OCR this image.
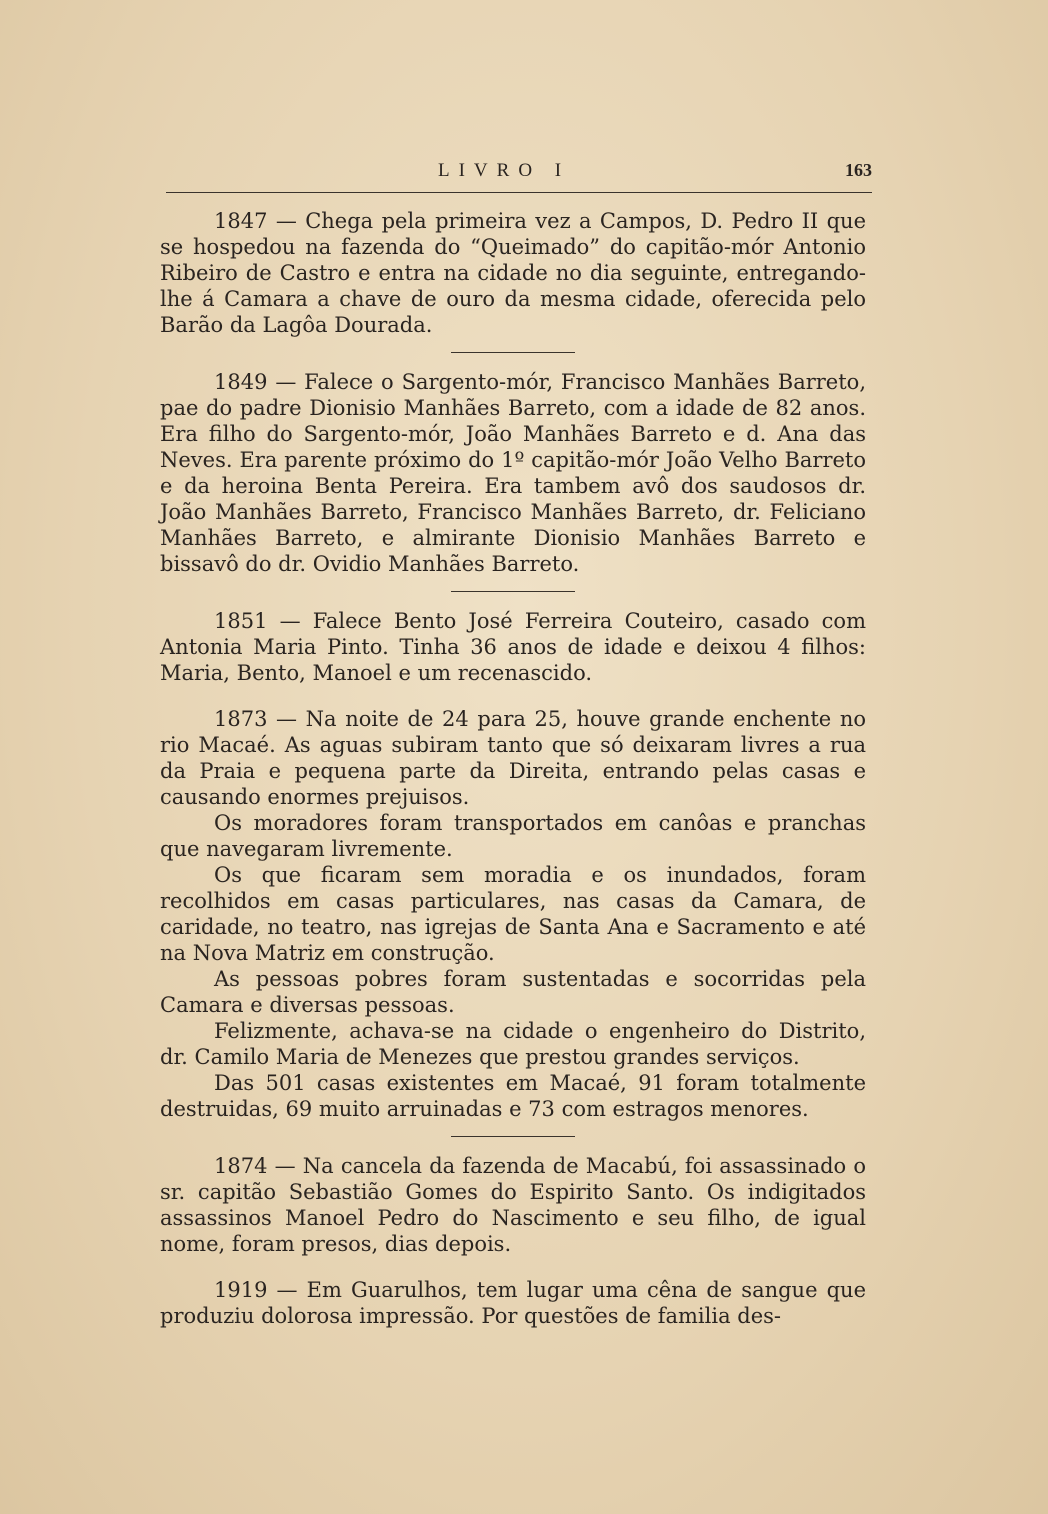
LIVRO I	163

1847 — Chega pela primeira vez a Campos, D. Pedro II que se hospedou na fazenda do “Queimado” do capitão-mór Antonio Ribeiro de Castro e entra na cidade no dia seguinte, entregando-lhe á Camara a chave de ouro da mesma cidade, oferecida pelo Barão da Lagôa Dourada.

1849 — Falece o Sargento-mór, Francisco Manhães Barreto, pae do padre Dionisio Manhães Barreto, com a idade de 82 anos. Era filho do Sargento-mór, João Manhães Barreto e d. Ana das Neves. Era parente próximo do 1º capitão-mór João Velho Barreto e da heroina Benta Pereira. Era tambem avô dos saudosos dr. João Manhães Barreto, Francisco Manhães Barreto, dr. Feliciano Manhães Barreto, e almirante Dionisio Manhães Barreto e bissavô do dr. Ovidio Manhães Barreto.

1851 — Falece Bento José Ferreira Couteiro, casado com Antonia Maria Pinto. Tinha 36 anos de idade e deixou 4 filhos: Maria, Bento, Manoel e um recenascido.

1873 — Na noite de 24 para 25, houve grande enchente no rio Macaé. As aguas subiram tanto que só deixaram livres a rua da Praia e pequena parte da Direita, entrando pelas casas e causando enormes prejuisos.

Os moradores foram transportados em canôas e pranchas que navegaram livremente.

Os que ficaram sem moradia e os inundados, foram recolhidos em casas particulares, nas casas da Camara, de caridade, no teatro, nas igrejas de Santa Ana e Sacramento e até na Nova Matriz em construção.

As pessoas pobres foram sustentadas e socorridas pela Camara e diversas pessoas.

Felizmente, achava-se na cidade o engenheiro do Distrito, dr. Camilo Maria de Menezes que prestou grandes serviços.

Das 501 casas existentes em Macaé, 91 foram totalmente destruidas, 69 muito arruinadas e 73 com estragos menores.

1874 — Na cancela da fazenda de Macabú, foi assassinado o sr. capitão Sebastião Gomes do Espirito Santo. Os indigitados assassinos Manoel Pedro do Nascimento e seu filho, de igual nome, foram presos, dias depois.

1919 — Em Guarulhos, tem lugar uma cêna de sangue que produziu dolorosa impressão. Por questões de familia des-
